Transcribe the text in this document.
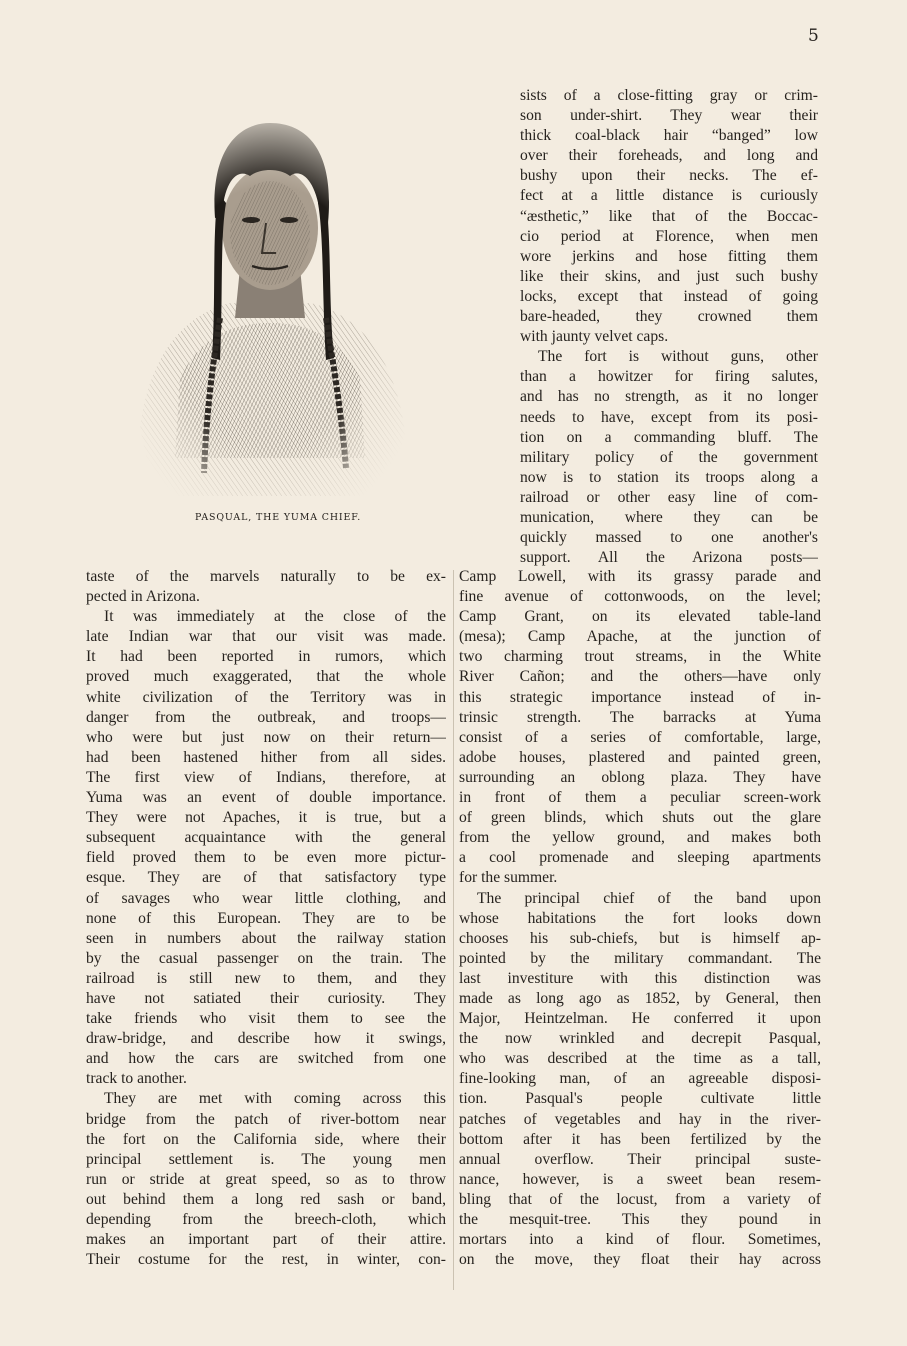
5
PASQUAL, THE YUMA CHIEF.
sists of a close-fitting gray or crim-
son under-shirt. They wear their
thick coal-black hair “banged” low
over their foreheads, and long and
bushy upon their necks. The ef-
fect at a little distance is curiously
“æsthetic,” like that of the Boccac-
cio period at Florence, when men
wore jerkins and hose fitting them
like their skins, and just such bushy
locks, except that instead of going
bare-headed, they crowned them
with jaunty velvet caps.
The fort is without guns, other
than a howitzer for firing salutes,
and has no strength, as it no longer
needs to have, except from its posi-
tion on a commanding bluff. The
military policy of the government
now is to station its troops along a
railroad or other easy line of com-
munication, where they can be
quickly massed to one another's
support. All the Arizona posts—
taste of the marvels naturally to be ex-
pected in Arizona.
It was immediately at the close of the
late Indian war that our visit was made.
It had been reported in rumors, which
proved much exaggerated, that the whole
white civilization of the Territory was in
danger from the outbreak, and troops—
who were but just now on their return—
had been hastened hither from all sides.
The first view of Indians, therefore, at
Yuma was an event of double importance.
They were not Apaches, it is true, but a
subsequent acquaintance with the general
field proved them to be even more pictur-
esque. They are of that satisfactory type
of savages who wear little clothing, and
none of this European. They are to be
seen in numbers about the railway station
by the casual passenger on the train. The
railroad is still new to them, and they
have not satiated their curiosity. They
take friends who visit them to see the
draw-bridge, and describe how it swings,
and how the cars are switched from one
track to another.
They are met with coming across this
bridge from the patch of river-bottom near
the fort on the California side, where their
principal settlement is. The young men
run or stride at great speed, so as to throw
out behind them a long red sash or band,
depending from the breech-cloth, which
makes an important part of their attire.
Their costume for the rest, in winter, con-
Camp Lowell, with its grassy parade and
fine avenue of cottonwoods, on the level;
Camp Grant, on its elevated table-land
(mesa); Camp Apache, at the junction of
two charming trout streams, in the White
River Cañon; and the others—have only
this strategic importance instead of in-
trinsic strength. The barracks at Yuma
consist of a series of comfortable, large,
adobe houses, plastered and painted green,
surrounding an oblong plaza. They have
in front of them a peculiar screen-work
of green blinds, which shuts out the glare
from the yellow ground, and makes both
a cool promenade and sleeping apartments
for the summer.
The principal chief of the band upon
whose habitations the fort looks down
chooses his sub-chiefs, but is himself ap-
pointed by the military commandant. The
last investiture with this distinction was
made as long ago as 1852, by General, then
Major, Heintzelman. He conferred it upon
the now wrinkled and decrepit Pasqual,
who was described at the time as a tall,
fine-looking man, of an agreeable disposi-
tion. Pasqual's people cultivate little
patches of vegetables and hay in the river-
bottom after it has been fertilized by the
annual overflow. Their principal suste-
nance, however, is a sweet bean resem-
bling that of the locust, from a variety of
the mesquit-tree. This they pound in
mortars into a kind of flour. Sometimes,
on the move, they float their hay across
